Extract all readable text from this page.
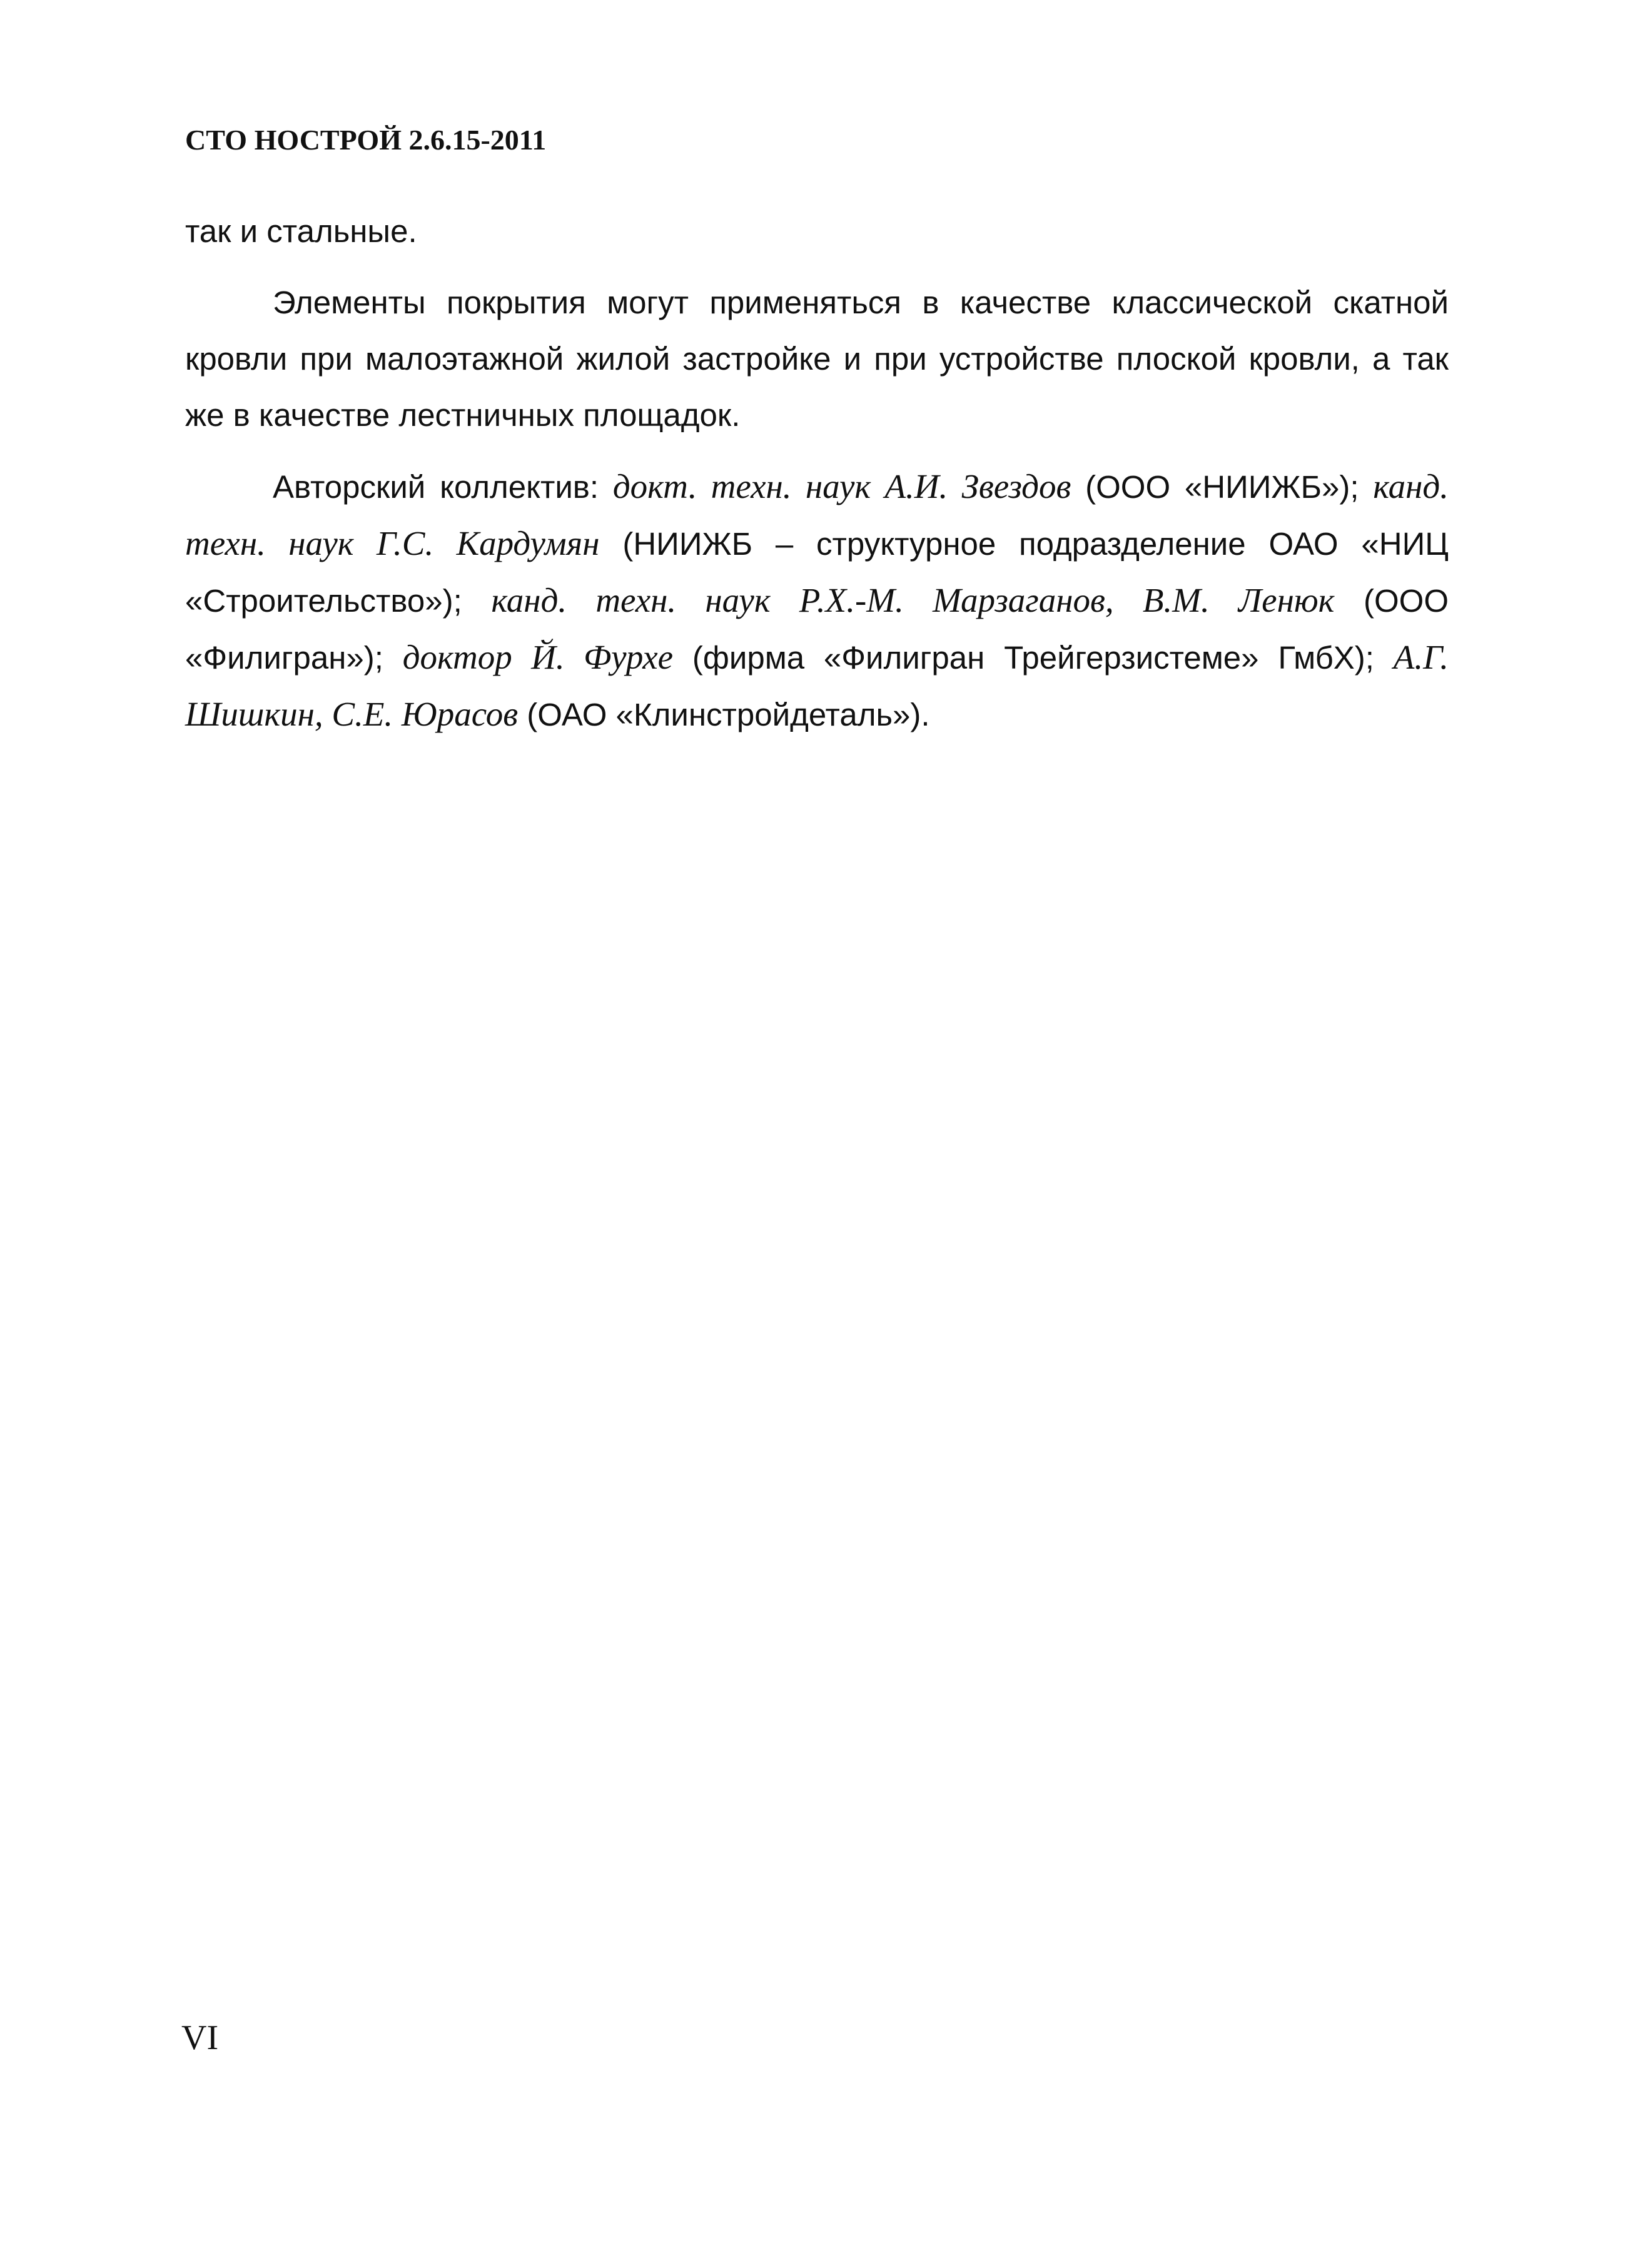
СТО НОСТРОЙ 2.6.15-2011

так и стальные.

Элементы покрытия могут применяться в качестве классической скатной кровли при малоэтажной жилой застройке и при устройстве плоской кровли, а так же в качестве лестничных площадок.

Авторский коллектив: докт. техн. наук А.И. Звездов (ООО «НИИЖБ»); канд. техн. наук Г.С. Кардумян (НИИЖБ – структурное подразделение ОАО «НИЦ «Строительство»); канд. техн. наук Р.Х.-М. Марзаганов, В.М. Ленюк (ООО «Филигран»); доктор Й. Фурхе (фирма «Филигран Трейгерзистеме» ГмбХ); А.Г. Шишкин, С.Е. Юрасов (ОАО «Клинстройдеталь»).

VI
